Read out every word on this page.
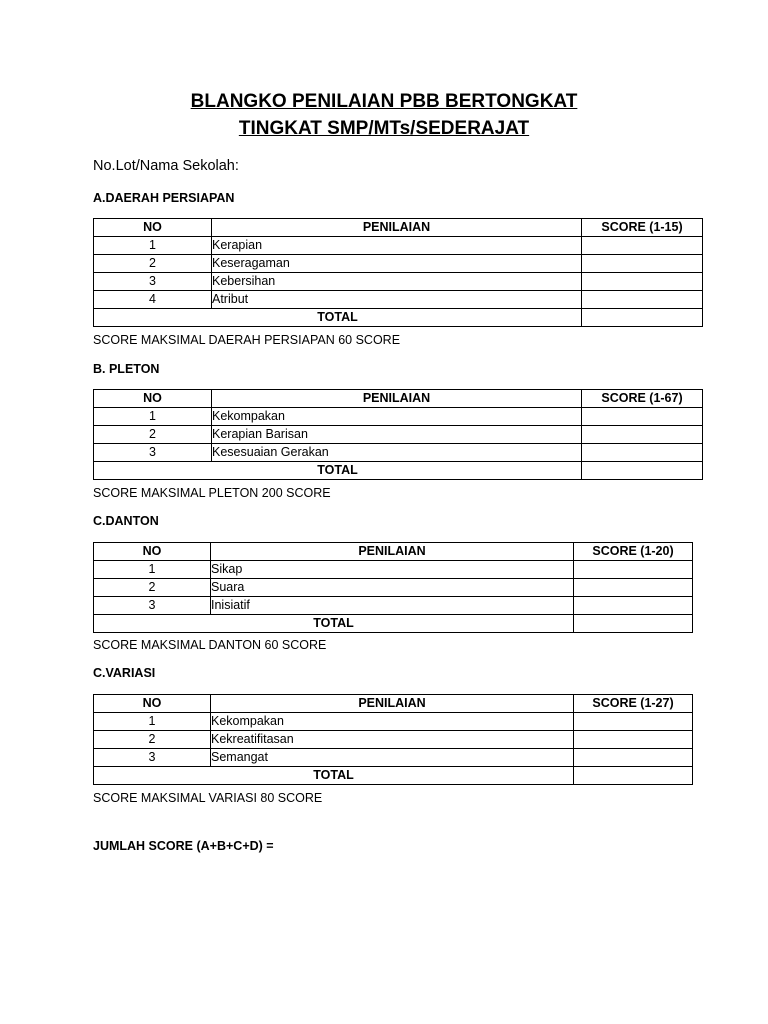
BLANGKO PENILAIAN PBB BERTONGKAT
TINGKAT SMP/MTs/SEDERAJAT
No.Lot/Nama Sekolah:
A.DAERAH PERSIAPAN
NO	PENILAIAN	SCORE (1-15)
1	Kerapian	
2	Keseragaman	
3	Kebersihan	
4	Atribut	
TOTAL		
SCORE MAKSIMAL DAERAH PERSIAPAN 60 SCORE
B. PLETON
NO	PENILAIAN	SCORE (1-67)
1	Kekompakan	
2	Kerapian Barisan	
3	Kesesuaian Gerakan	
TOTAL		
SCORE MAKSIMAL PLETON 200 SCORE
C.DANTON
NO	PENILAIAN	SCORE (1-20)
1	Sikap	
2	Suara	
3	Inisiatif	
TOTAL		
SCORE MAKSIMAL DANTON 60 SCORE
C.VARIASI
NO	PENILAIAN	SCORE (1-27)
1	Kekompakan	
2	Kekreatifitasan	
3	Semangat	
TOTAL		
SCORE MAKSIMAL VARIASI 80 SCORE
JUMLAH SCORE (A+B+C+D) =
